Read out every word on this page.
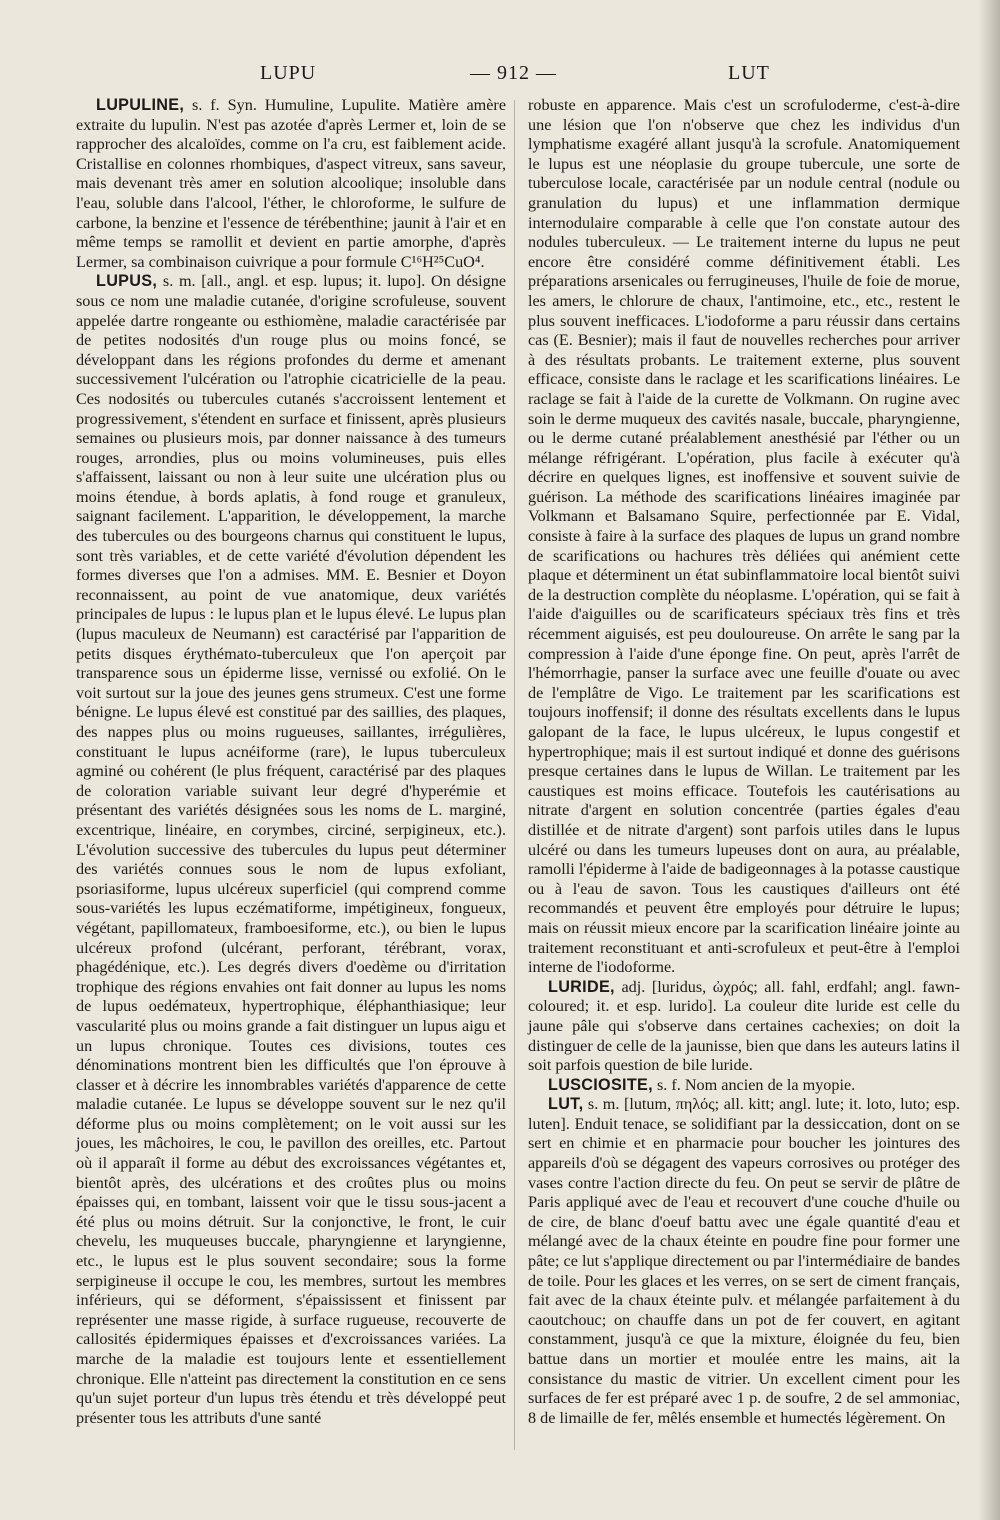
LUPU	— 912 —	LUT

LUPULINE, s. f. Syn. Humuline, Lupulite. Matière amère extraite du lupulin. N'est pas azotée d'après Lermer et, loin de se rapprocher des alcaloïdes, comme on l'a cru, est faiblement acide. Cristallise en colonnes rhombiques, d'aspect vitreux, sans saveur, mais devenant très amer en solution alcoolique; insoluble dans l'eau, soluble dans l'alcool, l'éther, le chloroforme, le sulfure de carbone, la benzine et l'essence de térébenthine; jaunit à l'air et en même temps se ramollit et devient en partie amorphe, d'après Lermer, sa combinaison cuivrique a pour formule C¹⁶H²⁵CuO⁴.

LUPUS, s. m. [all., angl. et esp. lupus; it. lupo]. On désigne sous ce nom une maladie cutanée, d'origine scrofuleuse, souvent appelée dartre rongeante ou esthiomène, maladie caractérisée par de petites nodosités d'un rouge plus ou moins foncé, se développant dans les régions profondes du derme et amenant successivement l'ulcération ou l'atrophie cicatricielle de la peau. Ces nodosités ou tubercules cutanés s'accroissent lentement et progressivement, s'étendent en surface et finissent, après plusieurs semaines ou plusieurs mois, par donner naissance à des tumeurs rouges, arrondies, plus ou moins volumineuses, puis elles s'affaissent, laissant ou non à leur suite une ulcération plus ou moins étendue, à bords aplatis, à fond rouge et granuleux, saignant facilement. L'apparition, le développement, la marche des tubercules ou des bourgeons charnus qui constituent le lupus, sont très variables, et de cette variété d'évolution dépendent les formes diverses que l'on a admises. MM. E. Besnier et Doyon reconnaissent, au point de vue anatomique, deux variétés principales de lupus : le lupus plan et le lupus élevé. Le lupus plan (lupus maculeux de Neumann) est caractérisé par l'apparition de petits disques érythémato-tuberculeux que l'on aperçoit par transparence sous un épiderme lisse, vernissé ou exfolié. On le voit surtout sur la joue des jeunes gens strumeux. C'est une forme bénigne. Le lupus élevé est constitué par des saillies, des plaques, des nappes plus ou moins rugueuses, saillantes, irrégulières, constituant le lupus acnéiforme (rare), le lupus tuberculeux agminé ou cohérent (le plus fréquent, caractérisé par des plaques de coloration variable suivant leur degré d'hyperémie et présentant des variétés désignées sous les noms de L. marginé, excentrique, linéaire, en corymbes, circiné, serpigineux, etc.). L'évolution successive des tubercules du lupus peut déterminer des variétés connues sous le nom de lupus exfoliant, psoriasiforme, lupus ulcéreux superficiel (qui comprend comme sous-variétés les lupus eczématiforme, impétigineux, fongueux, végétant, papillomateux, framboesiforme, etc.), ou bien le lupus ulcéreux profond (ulcérant, perforant, térébrant, vorax, phagédénique, etc.). Les degrés divers d'oedème ou d'irritation trophique des régions envahies ont fait donner au lupus les noms de lupus oedémateux, hypertrophique, éléphanthiasique; leur vascularité plus ou moins grande a fait distinguer un lupus aigu et un lupus chronique. Toutes ces divisions, toutes ces dénominations montrent bien les difficultés que l'on éprouve à classer et à décrire les innombrables variétés d'apparence de cette maladie cutanée. Le lupus se développe souvent sur le nez qu'il déforme plus ou moins complètement; on le voit aussi sur les joues, les mâchoires, le cou, le pavillon des oreilles, etc. Partout où il apparaît il forme au début des excroissances végétantes et, bientôt après, des ulcérations et des croûtes plus ou moins épaisses qui, en tombant, laissent voir que le tissu sous-jacent a été plus ou moins détruit. Sur la conjonctive, le front, le cuir chevelu, les muqueuses buccale, pharyngienne et laryngienne, etc., le lupus est le plus souvent secondaire; sous la forme serpigineuse il occupe le cou, les membres, surtout les membres inférieurs, qui se déforment, s'épaississent et finissent par représenter une masse rigide, à surface rugueuse, recouverte de callosités épidermiques épaisses et d'excroissances variées. La marche de la maladie est toujours lente et essentiellement chronique. Elle n'atteint pas directement la constitution en ce sens qu'un sujet porteur d'un lupus très étendu et très développé peut présenter tous les attributs d'une santé

robuste en apparence. Mais c'est un scrofuloderme, c'est-à-dire une lésion que l'on n'observe que chez les individus d'un lymphatisme exagéré allant jusqu'à la scrofule. Anatomiquement le lupus est une néoplasie du groupe tubercule, une sorte de tuberculose locale, caractérisée par un nodule central (nodule ou granulation du lupus) et une inflammation dermique internodulaire comparable à celle que l'on constate autour des nodules tuberculeux. — Le traitement interne du lupus ne peut encore être considéré comme définitivement établi. Les préparations arsenicales ou ferrugineuses, l'huile de foie de morue, les amers, le chlorure de chaux, l'antimoine, etc., etc., restent le plus souvent inefficaces. L'iodoforme a paru réussir dans certains cas (E. Besnier); mais il faut de nouvelles recherches pour arriver à des résultats probants. Le traitement externe, plus souvent efficace, consiste dans le raclage et les scarifications linéaires. Le raclage se fait à l'aide de la curette de Volkmann. On rugine avec soin le derme muqueux des cavités nasale, buccale, pharyngienne, ou le derme cutané préalablement anesthésié par l'éther ou un mélange réfrigérant. L'opération, plus facile à exécuter qu'à décrire en quelques lignes, est inoffensive et souvent suivie de guérison. La méthode des scarifications linéaires imaginée par Volkmann et Balsamano Squire, perfectionnée par E. Vidal, consiste à faire à la surface des plaques de lupus un grand nombre de scarifications ou hachures très déliées qui anémient cette plaque et déterminent un état subinflammatoire local bientôt suivi de la destruction complète du néoplasme. L'opération, qui se fait à l'aide d'aiguilles ou de scarificateurs spéciaux très fins et très récemment aiguisés, est peu douloureuse. On arrête le sang par la compression à l'aide d'une éponge fine. On peut, après l'arrêt de l'hémorrhagie, panser la surface avec une feuille d'ouate ou avec de l'emplâtre de Vigo. Le traitement par les scarifications est toujours inoffensif; il donne des résultats excellents dans le lupus galopant de la face, le lupus ulcéreux, le lupus congestif et hypertrophique; mais il est surtout indiqué et donne des guérisons presque certaines dans le lupus de Willan. Le traitement par les caustiques est moins efficace. Toutefois les cautérisations au nitrate d'argent en solution concentrée (parties égales d'eau distillée et de nitrate d'argent) sont parfois utiles dans le lupus ulcéré ou dans les tumeurs lupeuses dont on aura, au préalable, ramolli l'épiderme à l'aide de badigeonnages à la potasse caustique ou à l'eau de savon. Tous les caustiques d'ailleurs ont été recommandés et peuvent être employés pour détruire le lupus; mais on réussit mieux encore par la scarification linéaire jointe au traitement reconstituant et anti-scrofuleux et peut-être à l'emploi interne de l'iodoforme.

LURIDE, adj. [luridus, ὠχρός; all. fahl, erdfahl; angl. fawn-coloured; it. et esp. lurido]. La couleur dite luride est celle du jaune pâle qui s'observe dans certaines cachexies; on doit la distinguer de celle de la jaunisse, bien que dans les auteurs latins il soit parfois question de bile luride.

LUSCIOSITE, s. f. Nom ancien de la myopie.

LUT, s. m. [lutum, πηλός; all. kitt; angl. lute; it. loto, luto; esp. luten]. Enduit tenace, se solidifiant par la dessiccation, dont on se sert en chimie et en pharmacie pour boucher les jointures des appareils d'où se dégagent des vapeurs corrosives ou protéger des vases contre l'action directe du feu. On peut se servir de plâtre de Paris appliqué avec de l'eau et recouvert d'une couche d'huile ou de cire, de blanc d'oeuf battu avec une égale quantité d'eau et mélangé avec de la chaux éteinte en poudre fine pour former une pâte; ce lut s'applique directement ou par l'intermédiaire de bandes de toile. Pour les glaces et les verres, on se sert de ciment français, fait avec de la chaux éteinte pulv. et mélangée parfaitement à du caoutchouc; on chauffe dans un pot de fer couvert, en agitant constamment, jusqu'à ce que la mixture, éloignée du feu, bien battue dans un mortier et moulée entre les mains, ait la consistance du mastic de vitrier. Un excellent ciment pour les surfaces de fer est préparé avec 1 p. de soufre, 2 de sel ammoniac, 8 de limaille de fer, mêlés ensemble et humectés légèrement. On
